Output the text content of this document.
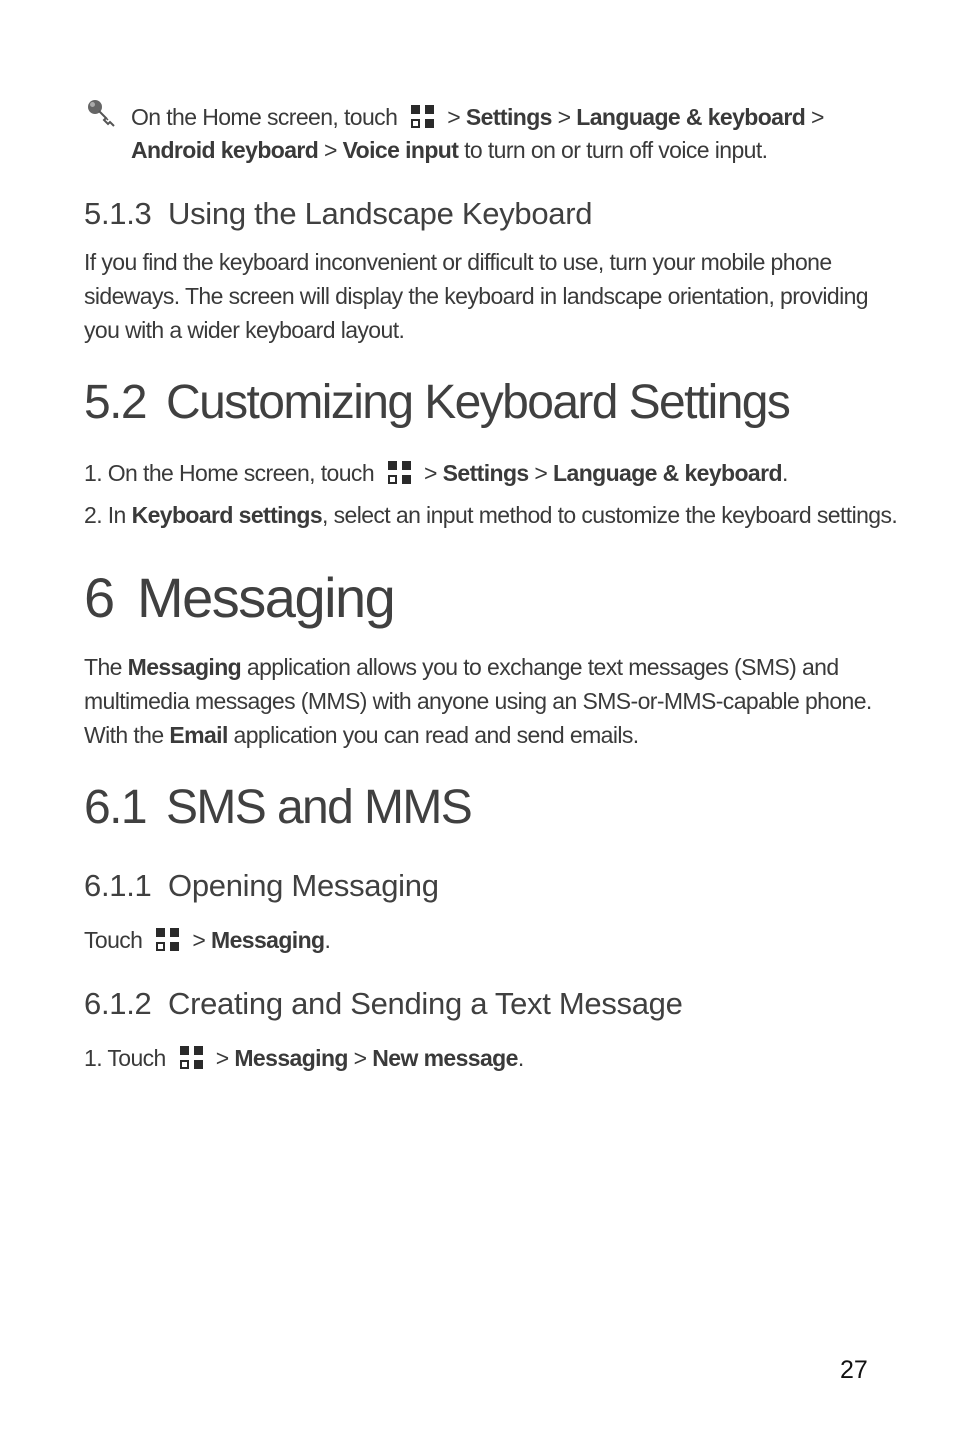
On the Home screen, touch > Settings > Language & keyboard >
Android keyboard > Voice input to turn on or turn off voice input.
5.1.3 Using the Landscape Keyboard
If you find the keyboard inconvenient or difficult to use, turn your mobile phone sideways. The screen will display the keyboard in landscape orientation, providing you with a wider keyboard layout.
5.2 Customizing Keyboard Settings
1. On the Home screen, touch > Settings > Language & keyboard.
2. In Keyboard settings, select an input method to customize the keyboard settings.
6 Messaging
The Messaging application allows you to exchange text messages (SMS) and multimedia messages (MMS) with anyone using an SMS-or-MMS-capable phone. With the Email application you can read and send emails.
6.1 SMS and MMS
6.1.1 Opening Messaging
Touch > Messaging.
6.1.2 Creating and Sending a Text Message
1. Touch > Messaging > New message.
27
